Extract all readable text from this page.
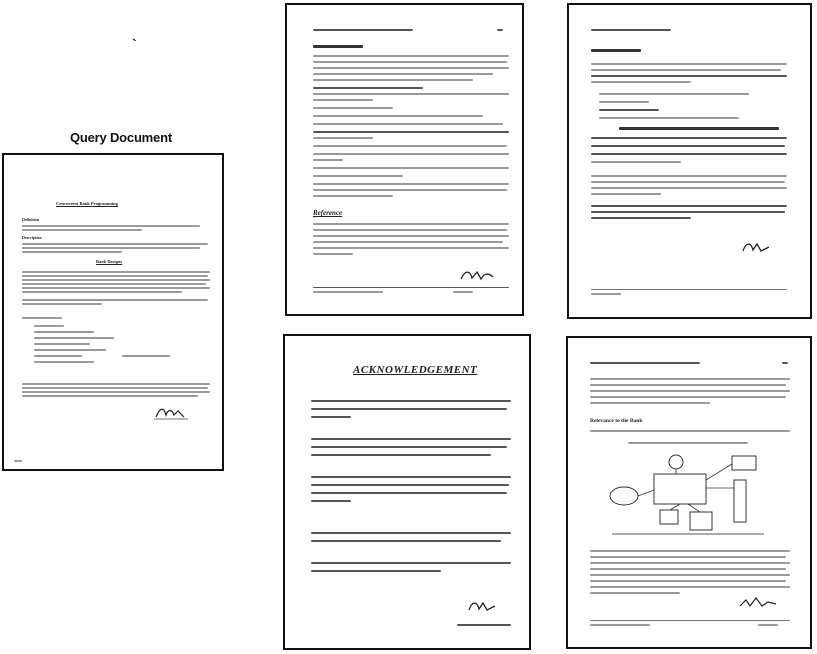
`
Query Document
Concurrent Bank Programming
Definition
Description
Bank Designs
Reference
ACKNOWLEDGEMENT
Relevance to the Bank
